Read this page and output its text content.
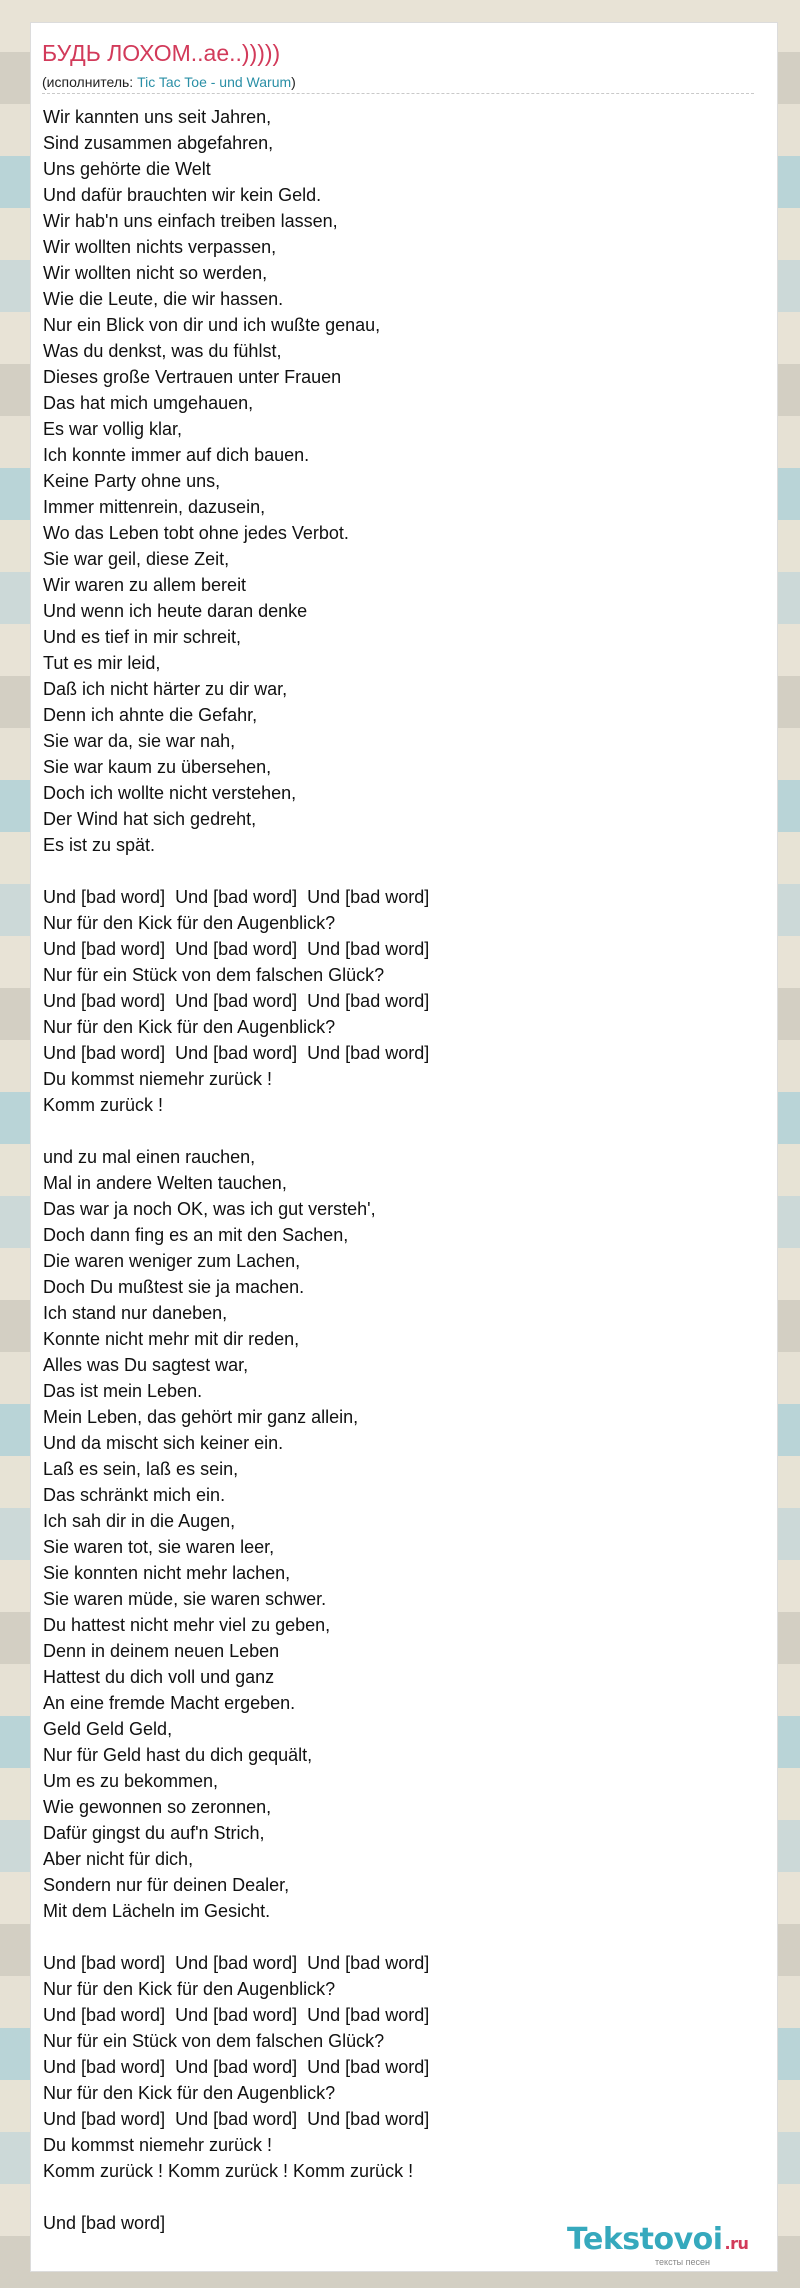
БУДЬ ЛОХОМ..ae..)))))
(исполнитель: Tic Tac Toe - und Warum)
Wir kannten uns seit Jahren,
Sind zusammen abgefahren,
Uns gehörte die Welt
Und dafür brauchten wir kein Geld.
Wir hab'n uns einfach treiben lassen,
Wir wollten nichts verpassen,
Wir wollten nicht so werden,
Wie die Leute, die wir hassen.
Nur ein Blick von dir und ich wußte genau,
Was du denkst, was du fühlst,
Dieses große Vertrauen unter Frauen
Das hat mich umgehauen,
Es war vollig klar,
Ich konnte immer auf dich bauen.
Keine Party ohne uns,
Immer mittenrein, dazusein,
Wo das Leben tobt ohne jedes Verbot.
Sie war geil, diese Zeit,
Wir waren zu allem bereit
Und wenn ich heute daran denke
Und es tief in mir schreit,
Tut es mir leid,
Daß ich nicht härter zu dir war,
Denn ich ahnte die Gefahr,
Sie war da, sie war nah,
Sie war kaum zu übersehen,
Doch ich wollte nicht verstehen,
Der Wind hat sich gedreht,
Es ist zu spät.

Und [bad word]  Und [bad word]  Und [bad word]
Nur für den Kick für den Augenblick?
Und [bad word]  Und [bad word]  Und [bad word]
Nur für ein Stück von dem falschen Glück?
Und [bad word]  Und [bad word]  Und [bad word]
Nur für den Kick für den Augenblick?
Und [bad word]  Und [bad word]  Und [bad word]
Du kommst niemehr zurück !
Komm zurück !

und zu mal einen rauchen,
Mal in andere Welten tauchen,
Das war ja noch OK, was ich gut versteh',
Doch dann fing es an mit den Sachen,
Die waren weniger zum Lachen,
Doch Du mußtest sie ja machen.
Ich stand nur daneben,
Konnte nicht mehr mit dir reden,
Alles was Du sagtest war,
Das ist mein Leben.
Mein Leben, das gehört mir ganz allein,
Und da mischt sich keiner ein.
Laß es sein, laß es sein,
Das schränkt mich ein.
Ich sah dir in die Augen,
Sie waren tot, sie waren leer,
Sie konnten nicht mehr lachen,
Sie waren müde, sie waren schwer.
Du hattest nicht mehr viel zu geben,
Denn in deinem neuen Leben
Hattest du dich voll und ganz
An eine fremde Macht ergeben.
Geld Geld Geld,
Nur für Geld hast du dich gequält,
Um es zu bekommen,
Wie gewonnen so zeronnen,
Dafür gingst du auf'n Strich,
Aber nicht für dich,
Sondern nur für deinen Dealer,
Mit dem Lächeln im Gesicht.

Und [bad word]  Und [bad word]  Und [bad word]
Nur für den Kick für den Augenblick?
Und [bad word]  Und [bad word]  Und [bad word]
Nur für ein Stück von dem falschen Glück?
Und [bad word]  Und [bad word]  Und [bad word]
Nur für den Kick für den Augenblick?
Und [bad word]  Und [bad word]  Und [bad word]
Du kommst niemehr zurück !
Komm zurück ! Komm zurück ! Komm zurück !

Und [bad word]	Tekstovoi .ru
тексты песен
